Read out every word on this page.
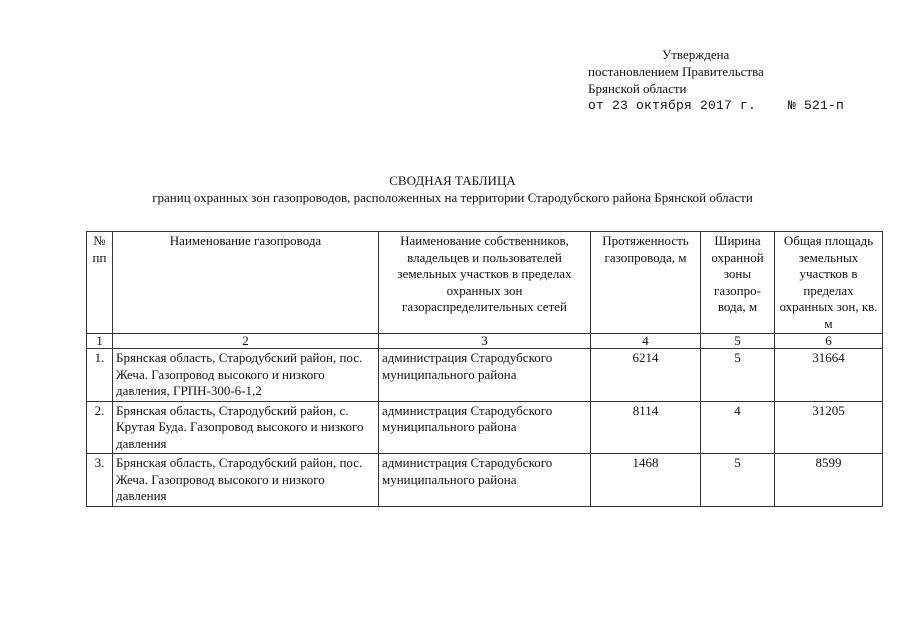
Утверждена
постановлением Правительства
Брянской области
от 23 октября 2017 г. № 521-п
СВОДНАЯ ТАБЛИЦА
границ охранных зон газопроводов, расположенных на территории Стародубского района Брянской области
№ пп	Наименование газопровода	Наименование собственников, владельцев и пользователей земельных участков в пределах охранных зон газораспределительных сетей	Протяженность газопровода, м	Ширина охранной зоны газопро-вода, м	Общая площадь земельных участков в пределах охранных зон, кв. м
1	2	3	4	5	6
1.	Брянская область, Стародубский район, пос. Жеча. Газопровод высокого и низкого давления, ГРПН-300-6-1,2	администрация Стародубского муниципального района	6214	5	31664
2.	Брянская область, Стародубский район, с. Крутая Буда. Газопровод высокого и низкого давления	администрация Стародубского муниципального района	8114	4	31205
3.	Брянская область, Стародубский район, пос. Жеча. Газопровод высокого и низкого давления	администрация Стародубского муниципального района	1468	5	8599
